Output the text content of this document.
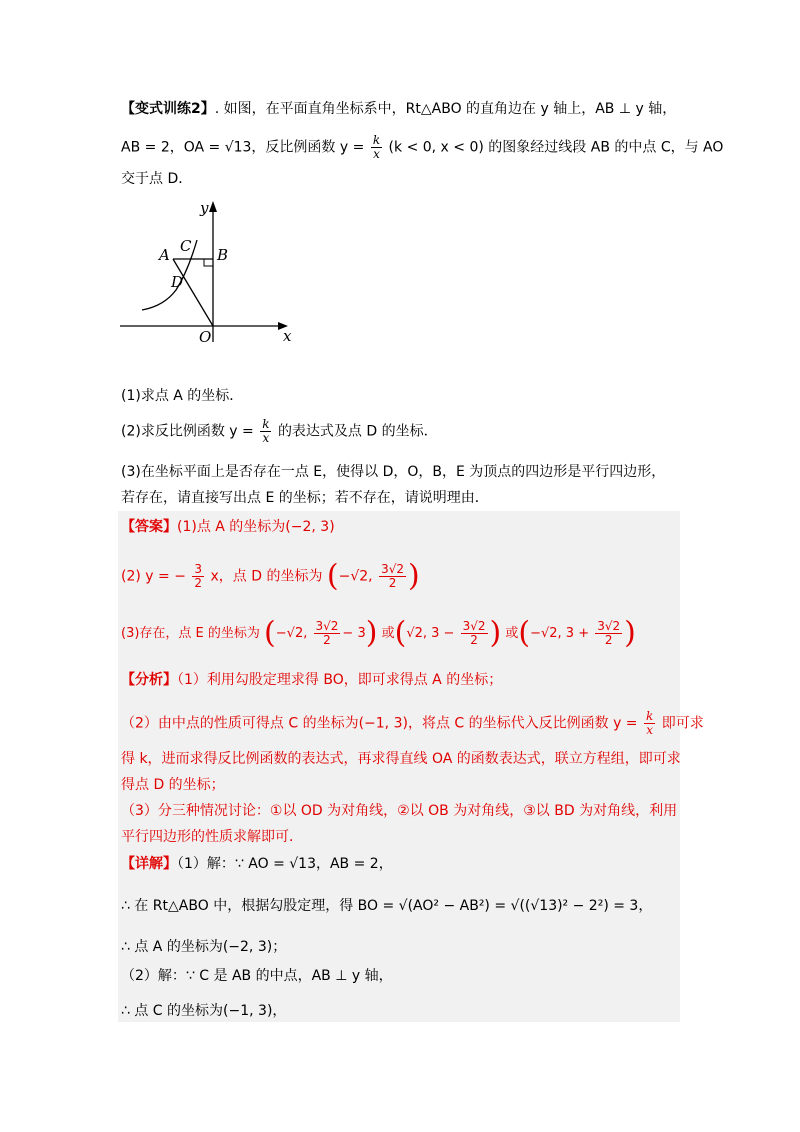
【变式训练2】. 如图，在平面直角坐标系中，Rt△ABO 的直角边在 y 轴上，AB ⊥ y 轴，
AB = 2，OA = √13，反比例函数 $y = \frac{k}{x} (k < 0$, x < 0) 的图象经过线段 AB 的中点 C，与 AO
交于点 D．
y
x
O
A	B
C
D
(1)求点 A 的坐标．
(2)求反比例函数 $y = \frac{k}{x}$ 的表达式及点 D 的坐标．
(3)在坐标平面上是否存在一点 E，使得以 D，O，B，E 为顶点的四边形是平行四边形，
若存在，请直接写出点 E 的坐标；若不存在，请说明理由．
【答案】(1)点 A 的坐标为(−2, 3)
(2) y = − $\frac{3}{2}$ x，点 D 的坐标为 (−√2, $\frac{3√2}{2}$ )
(3)存在，点 E 的坐标为 (−√2, $\frac{3√2}{2} - 3$) 或(√2, $3 - \frac{3√2}{2}$ ) 或(−√2, $3 + \frac{3√2}{2}$ )
【分析】（1）利用勾股定理求得 BO，即可求得点 A 的坐标；
（2）由中点的性质可得点 C 的坐标为(−1, 3)，将点 C 的坐标代入反比例函数 $y = \frac{k}{x}$ 即可求
得 k，进而求得反比例函数的表达式，再求得直线 OA 的函数表达式，联立方程组，即可求
得点 D 的坐标；
（3）分三种情况讨论：①以 OD 为对角线，②以 OB 为对角线，③以 BD 为对角线，利用
平行四边形的性质求解即可．
【详解】（1）解：∵ AO = √13，AB = 2，
∴ 在 Rt△ABO 中，根据勾股定理，得 BO = √(AO² − AB²) = √((√13)² − 2²) = 3，
∴ 点 A 的坐标为(−2, 3)；
（2）解：∵ C 是 AB 的中点，AB ⊥ y 轴，
∴ 点 C 的坐标为(−1, 3)，
